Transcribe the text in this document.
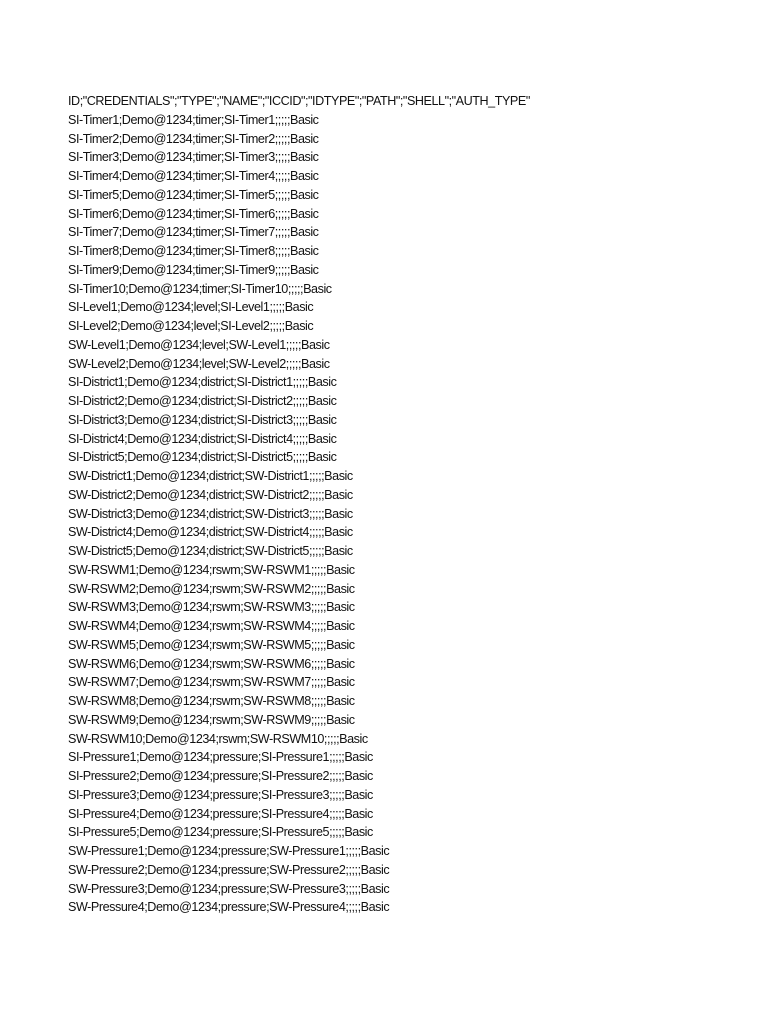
ID;"CREDENTIALS";"TYPE";"NAME";"ICCID";"IDTYPE";"PATH";"SHELL";"AUTH_TYPE"
SI-Timer1;Demo@1234;timer;SI-Timer1;;;;;Basic
SI-Timer2;Demo@1234;timer;SI-Timer2;;;;;Basic
SI-Timer3;Demo@1234;timer;SI-Timer3;;;;;Basic
SI-Timer4;Demo@1234;timer;SI-Timer4;;;;;Basic
SI-Timer5;Demo@1234;timer;SI-Timer5;;;;;Basic
SI-Timer6;Demo@1234;timer;SI-Timer6;;;;;Basic
SI-Timer7;Demo@1234;timer;SI-Timer7;;;;;Basic
SI-Timer8;Demo@1234;timer;SI-Timer8;;;;;Basic
SI-Timer9;Demo@1234;timer;SI-Timer9;;;;;Basic
SI-Timer10;Demo@1234;timer;SI-Timer10;;;;;Basic
SI-Level1;Demo@1234;level;SI-Level1;;;;;Basic
SI-Level2;Demo@1234;level;SI-Level2;;;;;Basic
SW-Level1;Demo@1234;level;SW-Level1;;;;;Basic
SW-Level2;Demo@1234;level;SW-Level2;;;;;Basic
SI-District1;Demo@1234;district;SI-District1;;;;;Basic
SI-District2;Demo@1234;district;SI-District2;;;;;Basic
SI-District3;Demo@1234;district;SI-District3;;;;;Basic
SI-District4;Demo@1234;district;SI-District4;;;;;Basic
SI-District5;Demo@1234;district;SI-District5;;;;;Basic
SW-District1;Demo@1234;district;SW-District1;;;;;Basic
SW-District2;Demo@1234;district;SW-District2;;;;;Basic
SW-District3;Demo@1234;district;SW-District3;;;;;Basic
SW-District4;Demo@1234;district;SW-District4;;;;;Basic
SW-District5;Demo@1234;district;SW-District5;;;;;Basic
SW-RSWM1;Demo@1234;rswm;SW-RSWM1;;;;;Basic
SW-RSWM2;Demo@1234;rswm;SW-RSWM2;;;;;Basic
SW-RSWM3;Demo@1234;rswm;SW-RSWM3;;;;;Basic
SW-RSWM4;Demo@1234;rswm;SW-RSWM4;;;;;Basic
SW-RSWM5;Demo@1234;rswm;SW-RSWM5;;;;;Basic
SW-RSWM6;Demo@1234;rswm;SW-RSWM6;;;;;Basic
SW-RSWM7;Demo@1234;rswm;SW-RSWM7;;;;;Basic
SW-RSWM8;Demo@1234;rswm;SW-RSWM8;;;;;Basic
SW-RSWM9;Demo@1234;rswm;SW-RSWM9;;;;;Basic
SW-RSWM10;Demo@1234;rswm;SW-RSWM10;;;;;Basic
SI-Pressure1;Demo@1234;pressure;SI-Pressure1;;;;;Basic
SI-Pressure2;Demo@1234;pressure;SI-Pressure2;;;;;Basic
SI-Pressure3;Demo@1234;pressure;SI-Pressure3;;;;;Basic
SI-Pressure4;Demo@1234;pressure;SI-Pressure4;;;;;Basic
SI-Pressure5;Demo@1234;pressure;SI-Pressure5;;;;;Basic
SW-Pressure1;Demo@1234;pressure;SW-Pressure1;;;;;Basic
SW-Pressure2;Demo@1234;pressure;SW-Pressure2;;;;;Basic
SW-Pressure3;Demo@1234;pressure;SW-Pressure3;;;;;Basic
SW-Pressure4;Demo@1234;pressure;SW-Pressure4;;;;;Basic
